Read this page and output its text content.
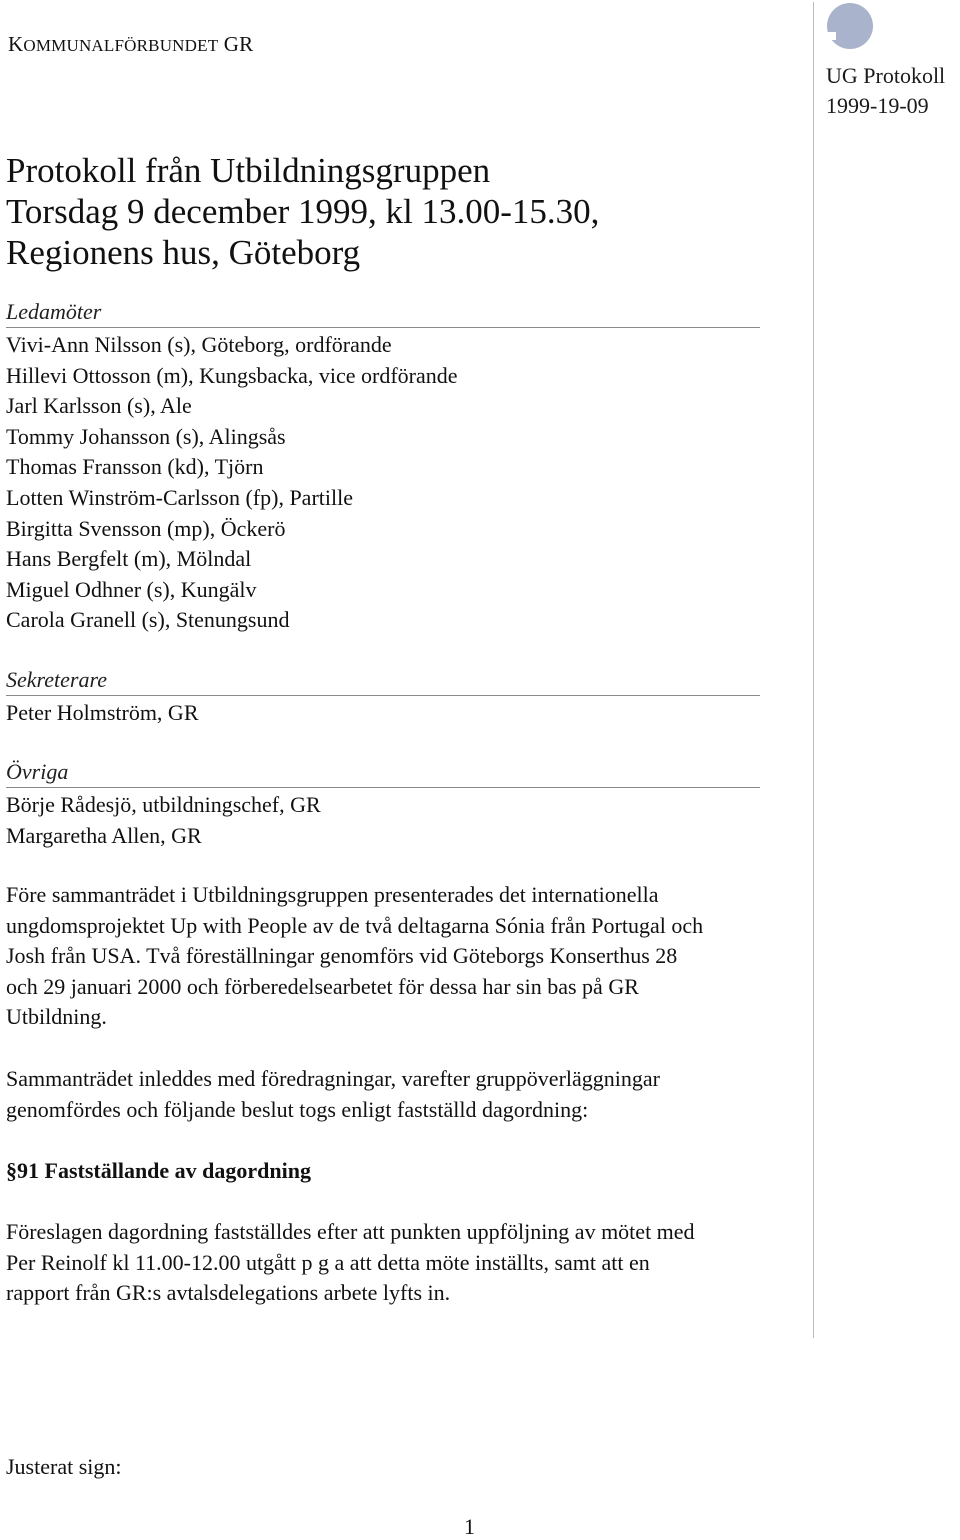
KOMMUNALFÖRBUNDET GR
UG Protokoll
1999-19-09
Protokoll från Utbildningsgruppen
Torsdag 9 december 1999, kl 13.00-15.30,
Regionens hus, Göteborg
Ledamöter
Vivi-Ann Nilsson (s), Göteborg, ordförande
Hillevi Ottosson (m), Kungsbacka, vice ordförande
Jarl Karlsson (s), Ale
Tommy Johansson (s), Alingsås
Thomas Fransson (kd), Tjörn
Lotten Winström-Carlsson (fp), Partille
Birgitta Svensson (mp), Öckerö
Hans Bergfelt (m), Mölndal
Miguel Odhner (s), Kungälv
Carola Granell (s), Stenungsund
Sekreterare
Peter Holmström, GR
Övriga
Börje Rådesjö, utbildningschef, GR
Margaretha Allen, GR
Före sammanträdet i Utbildningsgruppen presenterades det internationella
ungdomsprojektet Up with People av de två deltagarna Sónia från Portugal och
Josh från USA. Två föreställningar genomförs vid Göteborgs Konserthus 28
och 29 januari 2000 och förberedelsearbetet för dessa har sin bas på GR
Utbildning.
Sammanträdet inleddes med föredragningar, varefter gruppöverläggningar
genomfördes och följande beslut togs enligt fastställd dagordning:
§91 Fastställande av dagordning
Föreslagen dagordning fastställdes efter att punkten uppföljning av mötet med
Per Reinolf kl 11.00-12.00 utgått p g a att detta möte inställts, samt att en
rapport från GR:s avtalsdelegations arbete lyfts in.
Justerat sign:
1
